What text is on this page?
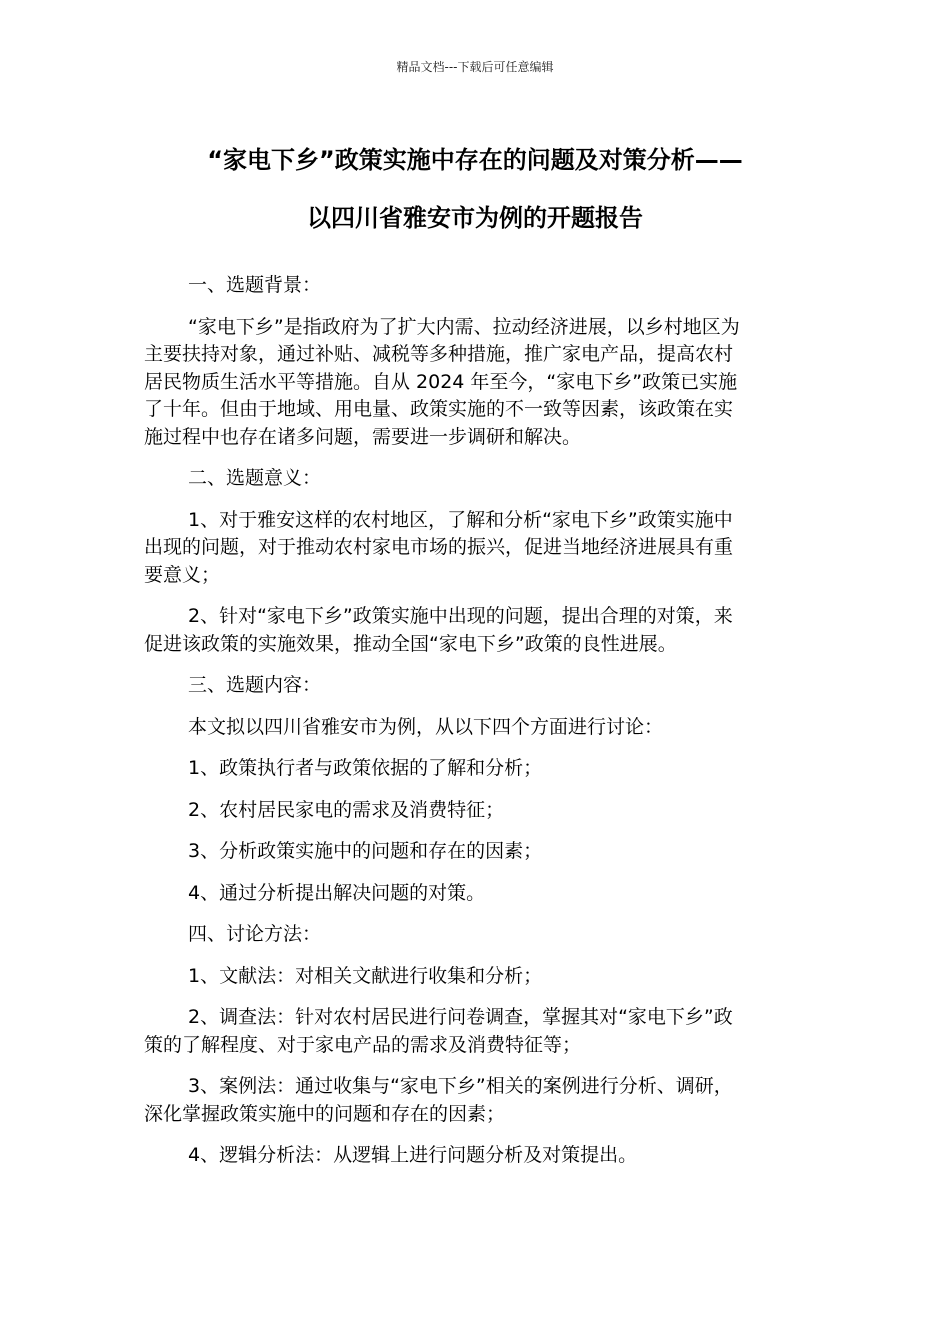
精品文档---下载后可任意编辑
“家电下乡”政策实施中存在的问题及对策分析——
以四川省雅安市为例的开题报告

一、选题背景：

“家电下乡”是指政府为了扩大内需、拉动经济进展，以乡村地区为
主要扶持对象，通过补贴、减税等多种措施，推广家电产品，提高农村
居民物质生活水平等措施。自从 2024 年至今，“家电下乡”政策已实施
了十年。但由于地域、用电量、政策实施的不一致等因素，该政策在实
施过程中也存在诸多问题，需要进一步调研和解决。

二、选题意义：

1、对于雅安这样的农村地区，了解和分析“家电下乡”政策实施中
出现的问题，对于推动农村家电市场的振兴，促进当地经济进展具有重
要意义；

2、针对“家电下乡”政策实施中出现的问题，提出合理的对策，来
促进该政策的实施效果，推动全国“家电下乡”政策的良性进展。

三、选题内容：

本文拟以四川省雅安市为例，从以下四个方面进行讨论：

1、政策执行者与政策依据的了解和分析；

2、农村居民家电的需求及消费特征；

3、分析政策实施中的问题和存在的因素；

4、通过分析提出解决问题的对策。

四、讨论方法：

1、文献法：对相关文献进行收集和分析；

2、调查法：针对农村居民进行问卷调查，掌握其对“家电下乡”政
策的了解程度、对于家电产品的需求及消费特征等；

3、案例法：通过收集与“家电下乡”相关的案例进行分析、调研，
深化掌握政策实施中的问题和存在的因素；

4、逻辑分析法：从逻辑上进行问题分析及对策提出。
